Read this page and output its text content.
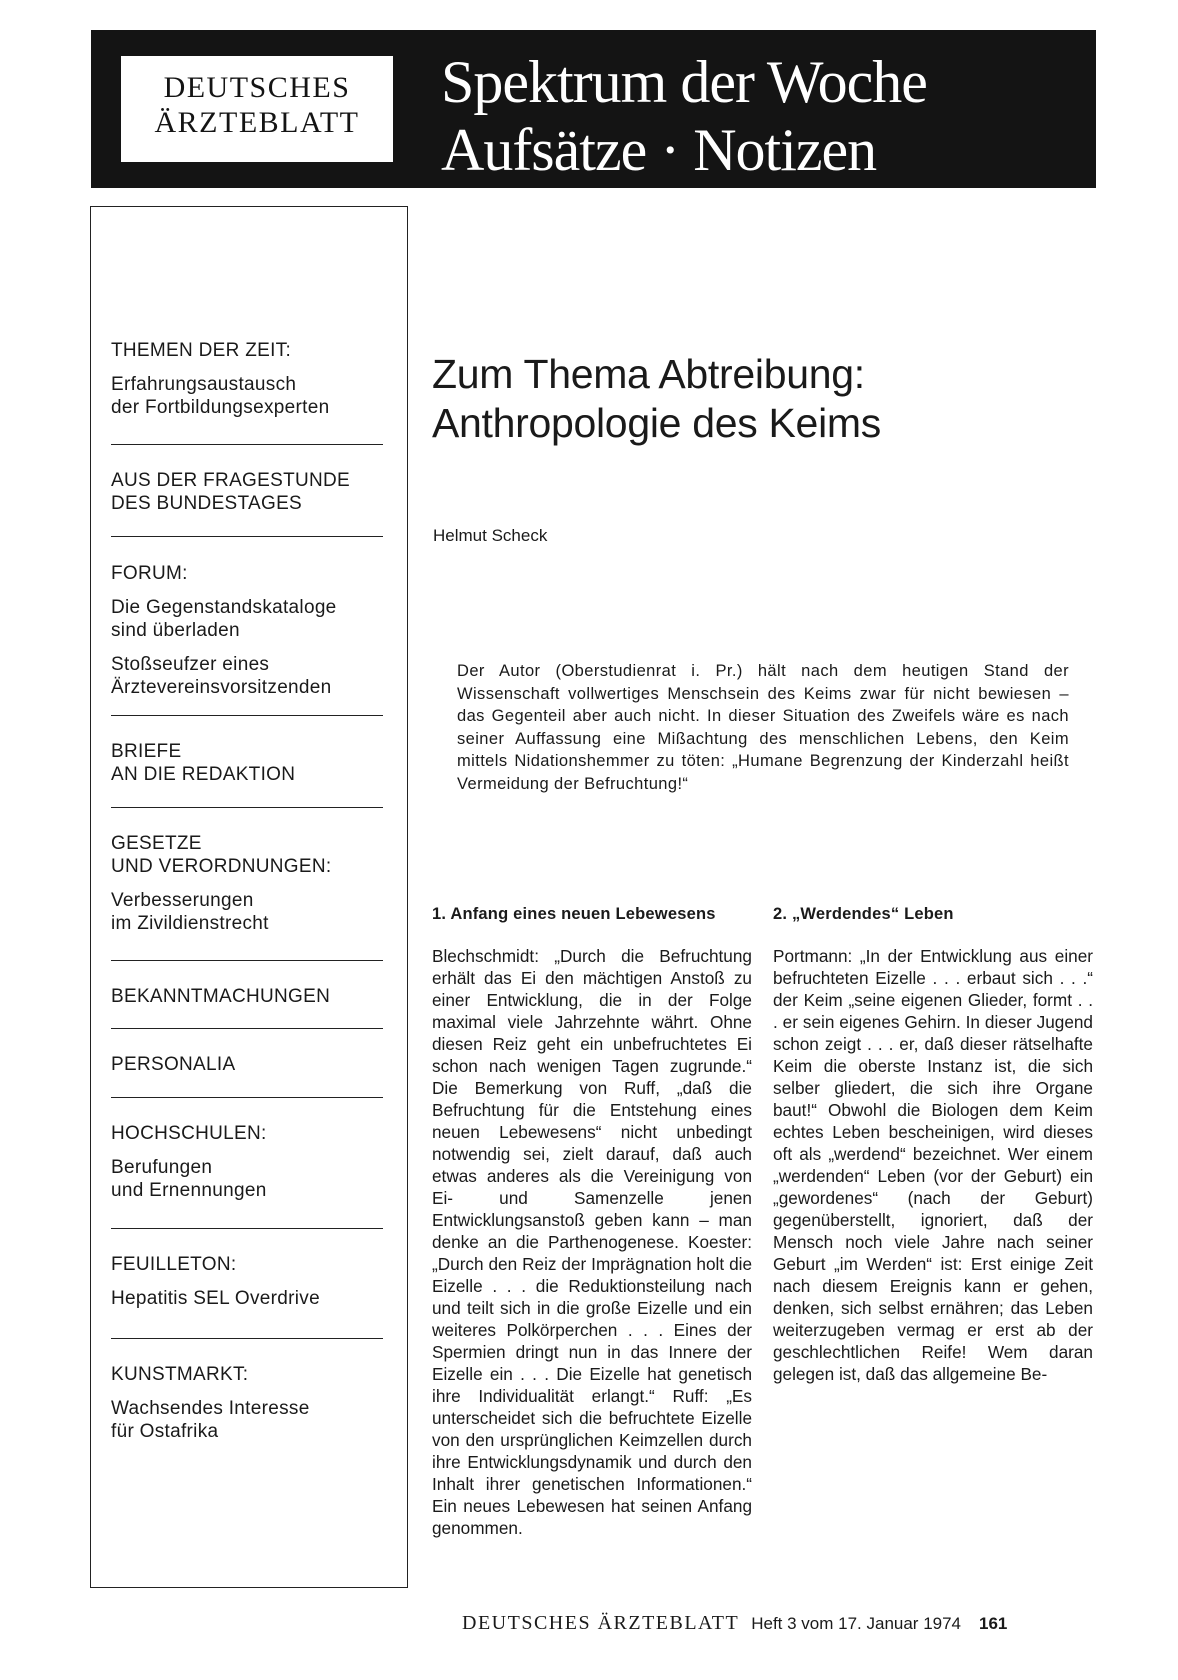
DEUTSCHES
ÄRZTEBLATT
Spektrum der Woche
Aufsätze · Notizen
THEMEN DER ZEIT:
Erfahrungsaustausch
der Fortbildungsexperten
AUS DER FRAGESTUNDE
DES BUNDESTAGES
FORUM:
Die Gegenstandskataloge
sind überladen
Stoßseufzer eines
Ärztevereinsvorsitzenden
BRIEFE
AN DIE REDAKTION
GESETZE
UND VERORDNUNGEN:
Verbesserungen
im Zivildienstrecht
BEKANNTMACHUNGEN
PERSONALIA
HOCHSCHULEN:
Berufungen
und Ernennungen
FEUILLETON:
Hepatitis SEL Overdrive
KUNSTMARKT:
Wachsendes Interesse
für Ostafrika
Zum Thema Abtreibung:
Anthropologie des Keims
Helmut Scheck
Der Autor (Oberstudienrat i. Pr.) hält nach dem heutigen Stand der Wissenschaft vollwertiges Menschsein des Keims zwar für nicht bewiesen – das Gegenteil aber auch nicht. In dieser Situation des Zweifels wäre es nach seiner Auffassung eine Mißachtung des menschlichen Lebens, den Keim mittels Nidationshemmer zu töten: „Humane Begrenzung der Kinderzahl heißt Vermeidung der Befruchtung!“
1. Anfang eines neuen Lebewesens

Blechschmidt: „Durch die Befruchtung erhält das Ei den mächtigen Anstoß zu einer Entwicklung, die in der Folge maximal viele Jahrzehnte währt. Ohne diesen Reiz geht ein unbefruchtetes Ei schon nach wenigen Tagen zugrunde.“ Die Bemerkung von Ruff, „daß die Befruchtung für die Entstehung eines neuen Lebewesens“ nicht unbedingt notwendig sei, zielt darauf, daß auch etwas anderes als die Vereinigung von Ei- und Samenzelle jenen Entwicklungsanstoß geben kann – man denke an die Parthenogenese. Koester: „Durch den Reiz der Imprägnation holt die Eizelle . . . die Reduktionsteilung nach und teilt sich in die große Eizelle und ein weiteres Polkörperchen . . . Eines der Spermien dringt nun in das Innere der Eizelle ein . . . Die Eizelle hat genetisch ihre Individualität erlangt.“ Ruff: „Es unterscheidet sich die befruchtete Eizelle von den ursprünglichen Keimzellen durch ihre Entwicklungsdynamik und durch den Inhalt ihrer genetischen Informationen.“ Ein neues Lebewesen hat seinen Anfang genommen.

2. „Werdendes“ Leben

Portmann: „In der Entwicklung aus einer befruchteten Eizelle . . . erbaut sich . . .“ der Keim „seine eigenen Glieder, formt . . . er sein eigenes Gehirn. In dieser Jugend schon zeigt . . . er, daß dieser rätselhafte Keim die oberste Instanz ist, die sich selber gliedert, die sich ihre Organe baut!“ Obwohl die Biologen dem Keim echtes Leben bescheinigen, wird dieses oft als „werdend“ bezeichnet. Wer einem „werdenden“ Leben (vor der Geburt) ein „gewordenes“ (nach der Geburt) gegenüberstellt, ignoriert, daß der Mensch noch viele Jahre nach seiner Geburt „im Werden“ ist: Erst einige Zeit nach diesem Ereignis kann er gehen, denken, sich selbst ernähren; das Leben weiterzugeben vermag er erst ab der geschlechtlichen Reife! Wem daran gelegen ist, daß das allgemeine Be-

DEUTSCHES ÄRZTEBLATT Heft 3 vom 17. Januar 1974 161
